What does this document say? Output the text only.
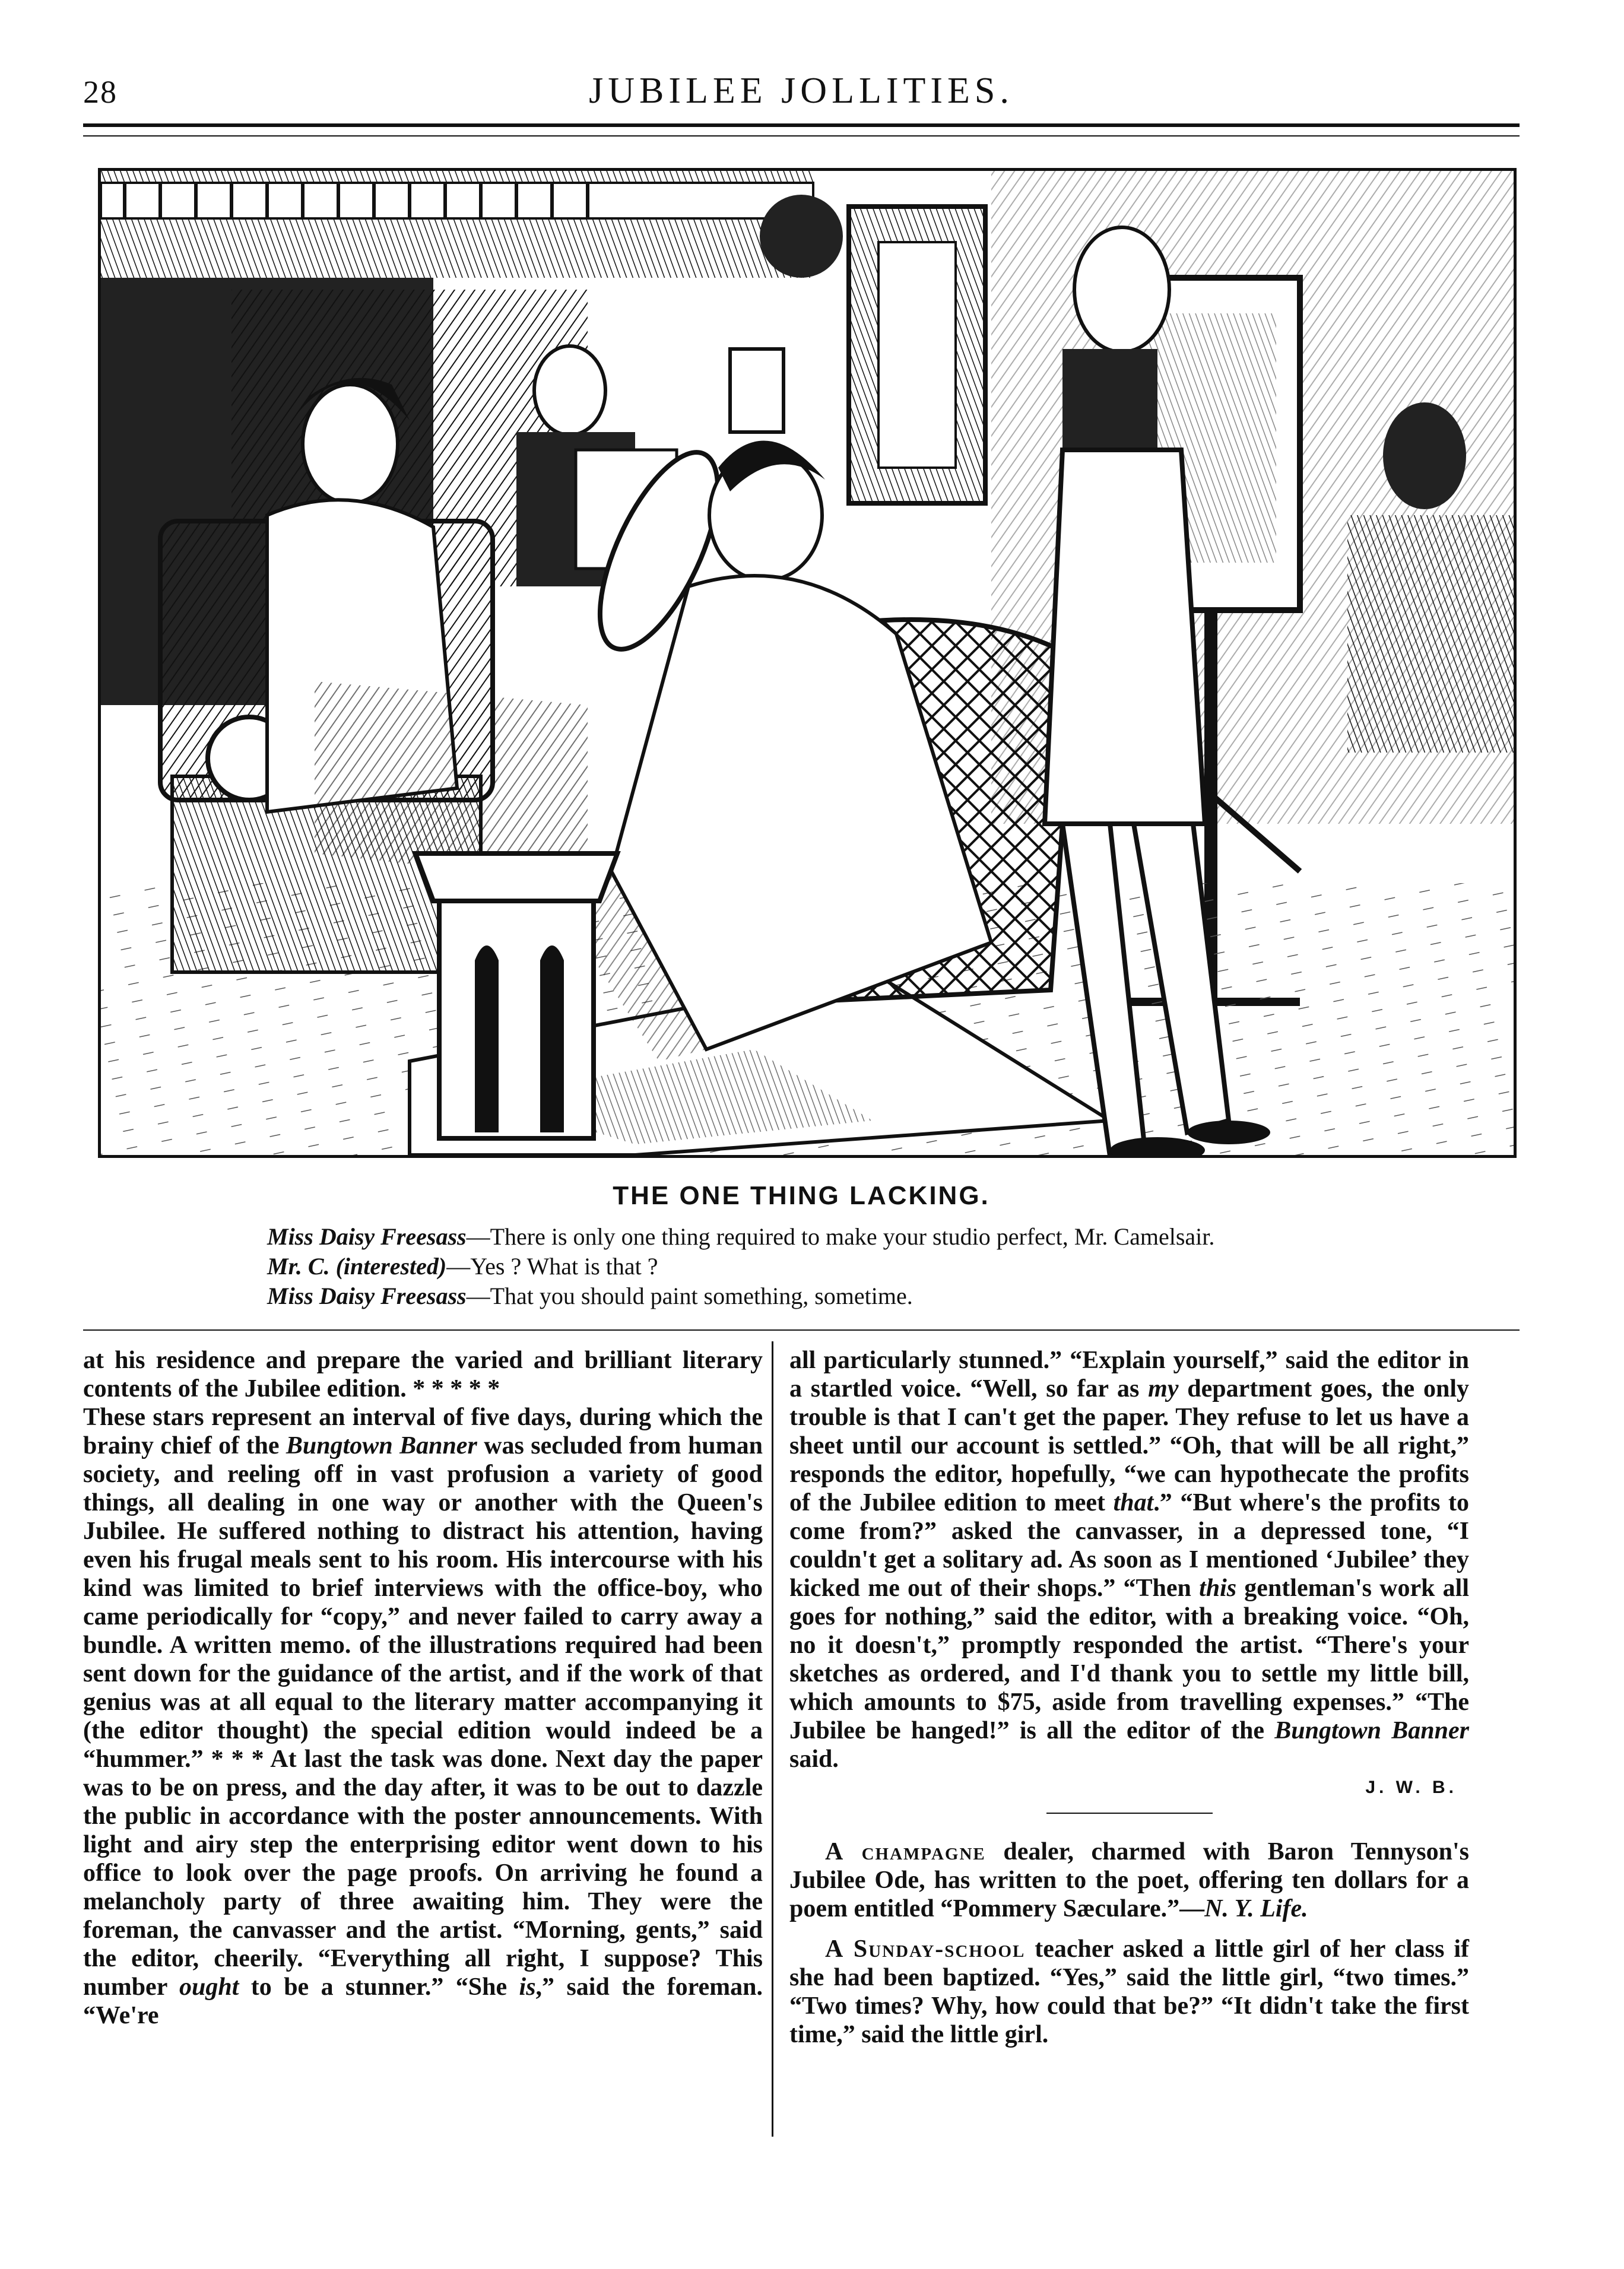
28	JUBILEE JOLLITIES.
THE ONE THING LACKING.
Miss Daisy Freesass—There is only one thing required to make your studio perfect, Mr. Camelsair.
Mr. C. (interested)—Yes ? What is that ?
Miss Daisy Freesass—That you should paint something, sometime.

at his residence and prepare the varied and brilliant literary contents of the Jubilee edition. * * * * *

These stars represent an interval of five days, during which the brainy chief of the Bungtown Banner was secluded from human society, and reeling off in vast profusion a variety of good things, all dealing in one way or another with the Queen's Jubilee. He suffered nothing to distract his attention, having even his frugal meals sent to his room. His intercourse with his kind was limited to brief interviews with the office-boy, who came periodically for “copy,” and never failed to carry away a bundle. A written memo. of the illustrations required had been sent down for the guidance of the artist, and if the work of that genius was at all equal to the literary matter accompanying it (the editor thought) the special edition would indeed be a “hummer.” * * * At last the task was done. Next day the paper was to be on press, and the day after, it was to be out to dazzle the public in accordance with the poster announcements. With light and airy step the enterprising editor went down to his office to look over the page proofs. On arriving he found a melancholy party of three awaiting him. They were the foreman, the canvasser and the artist. “Morning, gents,” said the editor, cheerily. “Everything all right, I suppose? This number ought to be a stunner.” “She is,” said the foreman. “We're

all particularly stunned.” “Explain yourself,” said the editor in a startled voice. “Well, so far as my department goes, the only trouble is that I can't get the paper. They refuse to let us have a sheet until our account is settled.” “Oh, that will be all right,” responds the editor, hopefully, “we can hypothecate the profits of the Jubilee edition to meet that.” “But where's the profits to come from?” asked the canvasser, in a depressed tone, “I couldn't get a solitary ad. As soon as I mentioned ‘Jubilee’ they kicked me out of their shops.” “Then this gentleman's work all goes for nothing,” said the editor, with a breaking voice. “Oh, no it doesn't,” promptly responded the artist. “There's your sketches as ordered, and I'd thank you to settle my little bill, which amounts to $75, aside from travelling expenses.” “The Jubilee be hanged!” is all the editor of the Bungtown Banner said.

J. W. B.

A champagne dealer, charmed with Baron Tennyson's Jubilee Ode, has written to the poet, offering ten dollars for a poem entitled “Pommery Sæculare.”—N. Y. Life.

A Sunday-school teacher asked a little girl of her class if she had been baptized. “Yes,” said the little girl, “two times.” “Two times? Why, how could that be?” “It didn't take the first time,” said the little girl.
